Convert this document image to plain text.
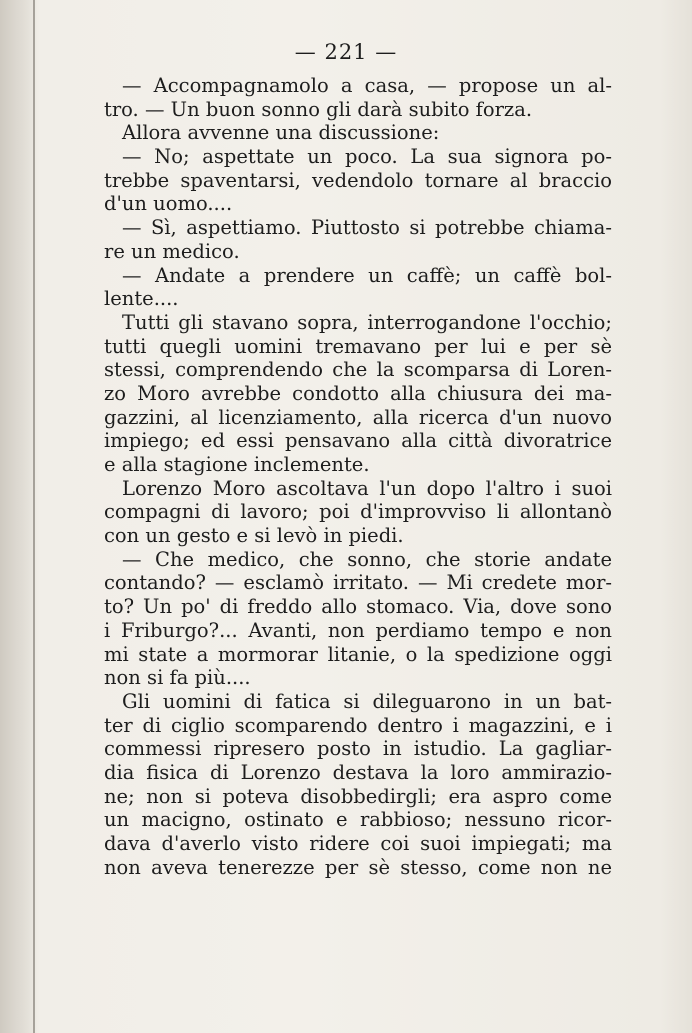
— 221 —
— Accompagnamolo a casa, — propose un al-
tro. — Un buon sonno gli darà subito forza.
Allora avvenne una discussione:
— No; aspettate un poco. La sua signora po-
trebbe spaventarsi, vedendolo tornare al braccio
d'un uomo....
— Sì, aspettiamo. Piuttosto si potrebbe chiama-
re un medico.
— Andate a prendere un caffè; un caffè bol-
lente....
Tutti gli stavano sopra, interrogandone l'occhio;
tutti quegli uomini tremavano per lui e per sè
stessi, comprendendo che la scomparsa di Loren-
zo Moro avrebbe condotto alla chiusura dei ma-
gazzini, al licenziamento, alla ricerca d'un nuovo
impiego; ed essi pensavano alla città divoratrice
e alla stagione inclemente.
Lorenzo Moro ascoltava l'un dopo l'altro i suoi
compagni di lavoro; poi d'improvviso li allontanò
con un gesto e si levò in piedi.
— Che medico, che sonno, che storie andate
contando? — esclamò irritato. — Mi credete mor-
to? Un po' di freddo allo stomaco. Via, dove sono
i Friburgo?... Avanti, non perdiamo tempo e non
mi state a mormorar litanie, o la spedizione oggi
non si fa più....
Gli uomini di fatica si dileguarono in un bat-
ter di ciglio scomparendo dentro i magazzini, e i
commessi ripresero posto in istudio. La gagliar-
dia fisica di Lorenzo destava la loro ammirazio-
ne; non si poteva disobbedirgli; era aspro come
un macigno, ostinato e rabbioso; nessuno ricor-
dava d'averlo visto ridere coi suoi impiegati; ma
non aveva tenerezze per sè stesso, come non ne
